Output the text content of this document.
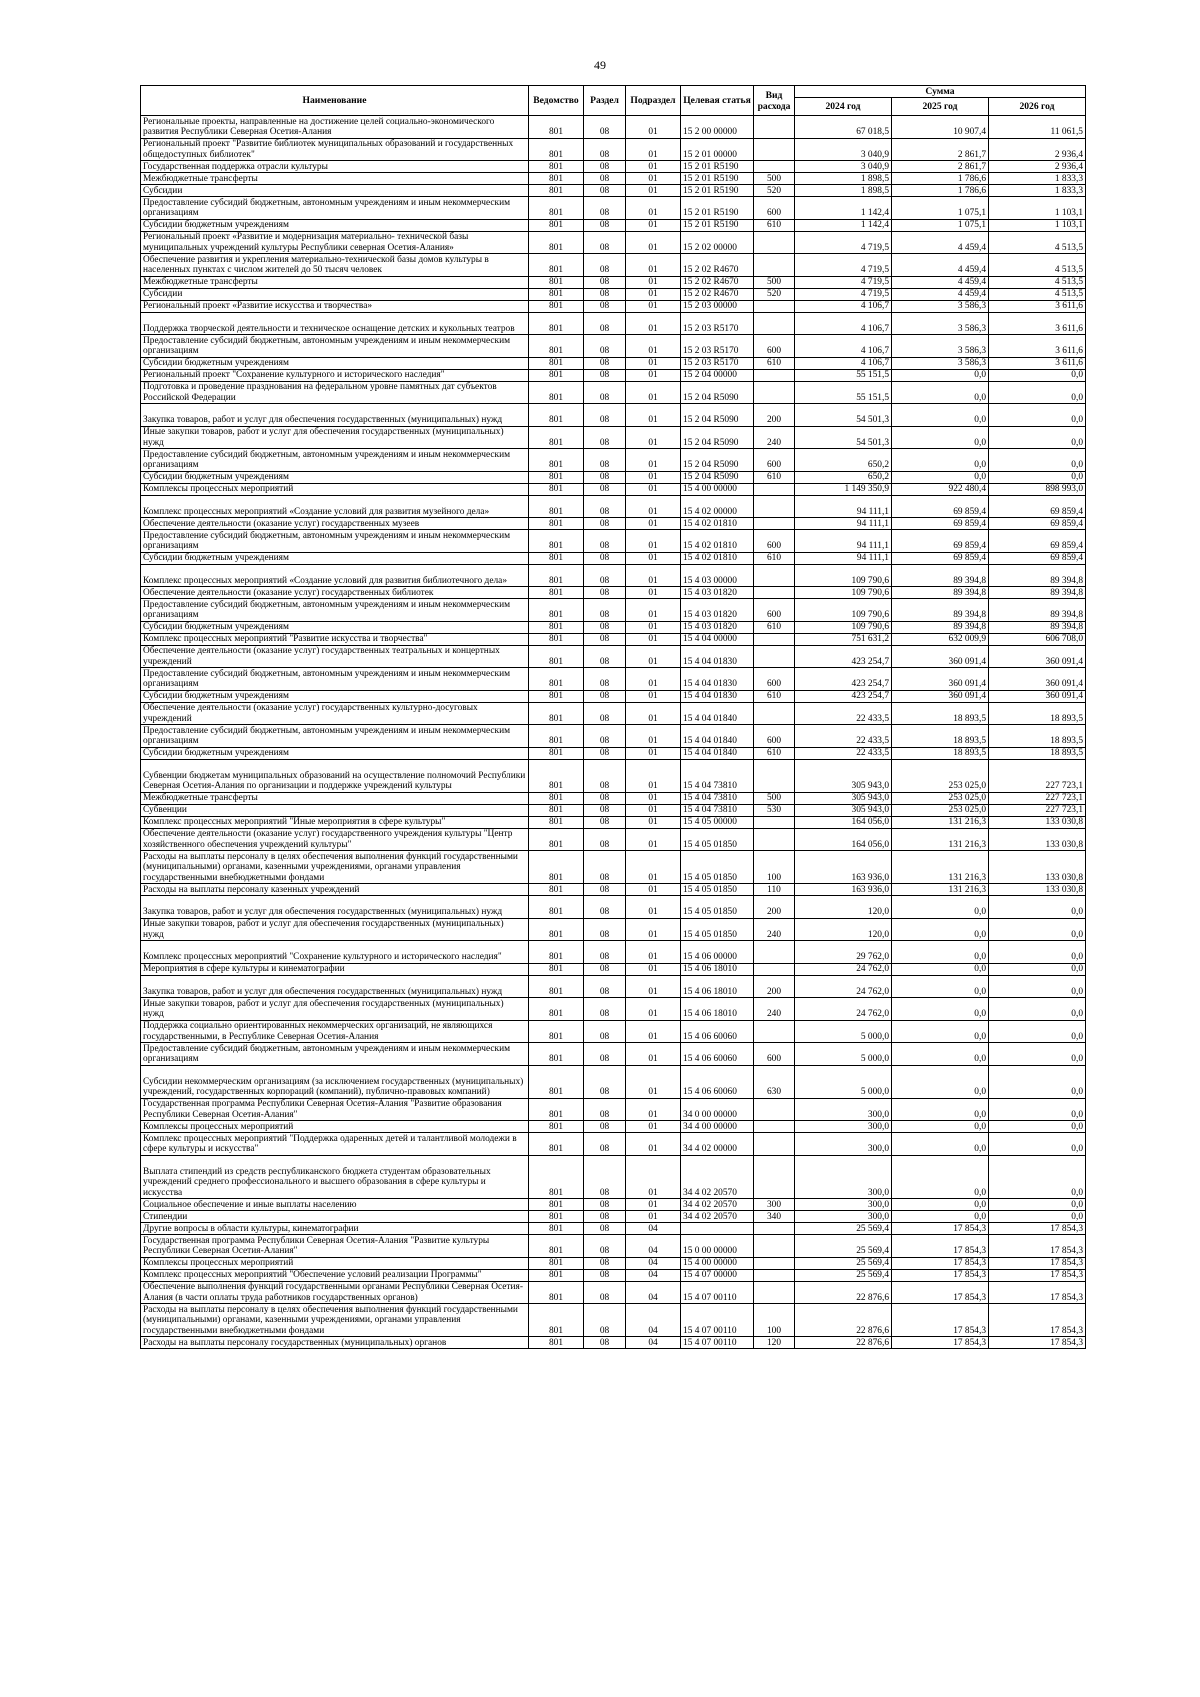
49
Наименование	Ведомство	Раздел	Подраздел	Целевая статья	Вид расхода	Сумма		
						2024 год	2025 год	2026 год
Региональные проекты, направленные на достижение целей социально-экономического развития Республики Северная Осетия-Алания	801	08	01	15 2 00 00000		67 018,5	10 907,4	11 061,5
Региональный проект "Развитие библиотек муниципальных образований и государственных общедоступных библиотек"	801	08	01	15 2 01 00000		3 040,9	2 861,7	2 936,4
Государственная поддержка отрасли культуры	801	08	01	15 2 01 R5190		3 040,9	2 861,7	2 936,4
Межбюджетные трансферты	801	08	01	15 2 01 R5190	500	1 898,5	1 786,6	1 833,3
Субсидии	801	08	01	15 2 01 R5190	520	1 898,5	1 786,6	1 833,3
Предоставление субсидий бюджетным, автономным учреждениям и иным некоммерческим организациям	801	08	01	15 2 01 R5190	600	1 142,4	1 075,1	1 103,1
Субсидии бюджетным учреждениям	801	08	01	15 2 01 R5190	610	1 142,4	1 075,1	1 103,1
Региональный проект «Развитие и модернизация материально- технической базы муниципальных учреждений культуры Республики северная Осетия-Алания»	801	08	01	15 2 02 00000		4 719,5	4 459,4	4 513,5
Обеспечение развития и укрепления материально-технической базы домов культуры в населенных пунктах с числом жителей до 50 тысяч человек	801	08	01	15 2 02 R4670		4 719,5	4 459,4	4 513,5
Межбюджетные трансферты	801	08	01	15 2 02 R4670	500	4 719,5	4 459,4	4 513,5
Субсидии	801	08	01	15 2 02 R4670	520	4 719,5	4 459,4	4 513,5
Региональный проект «Развитие искусства и творчества»	801	08	01	15 2 03 00000		4 106,7	3 586,3	3 611,6
Поддержка творческой деятельности и техническое оснащение детских и кукольных театров	801	08	01	15 2 03 R5170		4 106,7	3 586,3	3 611,6
Предоставление субсидий бюджетным, автономным учреждениям и иным некоммерческим организациям	801	08	01	15 2 03 R5170	600	4 106,7	3 586,3	3 611,6
Субсидии бюджетным учреждениям	801	08	01	15 2 03 R5170	610	4 106,7	3 586,3	3 611,6
Региональный проект "Сохранение культурного и исторического наследия"	801	08	01	15 2 04 00000		55 151,5	0,0	0,0
Подготовка и проведение празднования на федеральном уровне памятных дат субъектов Российской Федерации	801	08	01	15 2 04 R5090		55 151,5	0,0	0,0
Закупка товаров, работ и услуг для обеспечения государственных (муниципальных) нужд	801	08	01	15 2 04 R5090	200	54 501,3	0,0	0,0
Иные закупки товаров, работ и услуг для обеспечения государственных (муниципальных) нужд	801	08	01	15 2 04 R5090	240	54 501,3	0,0	0,0
Предоставление субсидий бюджетным, автономным учреждениям и иным некоммерческим организациям	801	08	01	15 2 04 R5090	600	650,2	0,0	0,0
Субсидии бюджетным учреждениям	801	08	01	15 2 04 R5090	610	650,2	0,0	0,0
Комплексы процессных мероприятий	801	08	01	15 4 00 00000		1 149 350,9	922 480,4	898 993,0
Комплекс процессных мероприятий «Создание условий для развития музейного дела»	801	08	01	15 4 02 00000		94 111,1	69 859,4	69 859,4
Обеспечение деятельности (оказание услуг) государственных музеев	801	08	01	15 4 02 01810		94 111,1	69 859,4	69 859,4
Предоставление субсидий бюджетным, автономным учреждениям и иным некоммерческим организациям	801	08	01	15 4 02 01810	600	94 111,1	69 859,4	69 859,4
Субсидии бюджетным учреждениям	801	08	01	15 4 02 01810	610	94 111,1	69 859,4	69 859,4
Комплекс процессных мероприятий «Создание условий для развития библиотечного дела»	801	08	01	15 4 03 00000		109 790,6	89 394,8	89 394,8
Обеспечение деятельности (оказание услуг) государственных библиотек	801	08	01	15 4 03 01820		109 790,6	89 394,8	89 394,8
Предоставление субсидий бюджетным, автономным учреждениям и иным некоммерческим организациям	801	08	01	15 4 03 01820	600	109 790,6	89 394,8	89 394,8
Субсидии бюджетным учреждениям	801	08	01	15 4 03 01820	610	109 790,6	89 394,8	89 394,8
Комплекс процессных мероприятий "Развитие искусства и творчества"	801	08	01	15 4 04 00000		751 631,2	632 009,9	606 708,0
Обеспечение деятельности (оказание услуг) государственных театральных и концертных учреждений	801	08	01	15 4 04 01830		423 254,7	360 091,4	360 091,4
Предоставление субсидий бюджетным, автономным учреждениям и иным некоммерческим организациям	801	08	01	15 4 04 01830	600	423 254,7	360 091,4	360 091,4
Субсидии бюджетным учреждениям	801	08	01	15 4 04 01830	610	423 254,7	360 091,4	360 091,4
Обеспечение деятельности (оказание услуг) государственных культурно-досуговых учреждений	801	08	01	15 4 04 01840		22 433,5	18 893,5	18 893,5
Предоставление субсидий бюджетным, автономным учреждениям и иным некоммерческим организациям	801	08	01	15 4 04 01840	600	22 433,5	18 893,5	18 893,5
Субсидии бюджетным учреждениям	801	08	01	15 4 04 01840	610	22 433,5	18 893,5	18 893,5
Субвенции бюджетам муниципальных образований на осуществление полномочий Республики Северная Осетия-Алания по организации и поддержке учреждений культуры	801	08	01	15 4 04 73810		305 943,0	253 025,0	227 723,1
Межбюджетные трансферты	801	08	01	15 4 04 73810	500	305 943,0	253 025,0	227 723,1
Субвенции	801	08	01	15 4 04 73810	530	305 943,0	253 025,0	227 723,1
Комплекс процессных мероприятий "Иные мероприятия в сфере культуры"	801	08	01	15 4 05 00000		164 056,0	131 216,3	133 030,8
Обеспечение деятельности (оказание услуг) государственного учреждения культуры "Центр хозяйственного обеспечения учреждений культуры"	801	08	01	15 4 05 01850		164 056,0	131 216,3	133 030,8
Расходы на выплаты персоналу в целях обеспечения выполнения функций государственными (муниципальными) органами, казенными учреждениями, органами управления государственными внебюджетными фондами	801	08	01	15 4 05 01850	100	163 936,0	131 216,3	133 030,8
Расходы на выплаты персоналу казенных учреждений	801	08	01	15 4 05 01850	110	163 936,0	131 216,3	133 030,8
Закупка товаров, работ и услуг для обеспечения государственных (муниципальных) нужд	801	08	01	15 4 05 01850	200	120,0	0,0	0,0
Иные закупки товаров, работ и услуг для обеспечения государственных (муниципальных) нужд	801	08	01	15 4 05 01850	240	120,0	0,0	0,0
Комплекс процессных мероприятий "Сохранение культурного и исторического наследия"	801	08	01	15 4 06 00000		29 762,0	0,0	0,0
Мероприятия в сфере культуры и кинематографии	801	08	01	15 4 06 18010		24 762,0	0,0	0,0
Закупка товаров, работ и услуг для обеспечения государственных (муниципальных) нужд	801	08	01	15 4 06 18010	200	24 762,0	0,0	0,0
Иные закупки товаров, работ и услуг для обеспечения государственных (муниципальных) нужд	801	08	01	15 4 06 18010	240	24 762,0	0,0	0,0
Поддержка социально ориентированных некоммерческих организаций, не являющихся государственными, в Республике Северная Осетия-Алания	801	08	01	15 4 06 60060		5 000,0	0,0	0,0
Предоставление субсидий бюджетным, автономным учреждениям и иным некоммерческим организациям	801	08	01	15 4 06 60060	600	5 000,0	0,0	0,0
Субсидии некоммерческим организациям (за исключением государственных (муниципальных) учреждений, государственных корпораций (компаний), публично-правовых компаний)	801	08	01	15 4 06 60060	630	5 000,0	0,0	0,0
Государственная программа Республики Северная Осетия-Алания "Развитие образования Республики Северная Осетия-Алания"	801	08	01	34 0 00 00000		300,0	0,0	0,0
Комплексы процессных мероприятий	801	08	01	34 4 00 00000		300,0	0,0	0,0
Комплекс процессных мероприятий "Поддержка одаренных детей и талантливой молодежи в сфере культуры и искусства"	801	08	01	34 4 02 00000		300,0	0,0	0,0
Выплата стипендий из средств республиканского бюджета студентам образовательных учреждений среднего профессионального и высшего образования в сфере культуры и искусства	801	08	01	34 4 02 20570		300,0	0,0	0,0
Социальное обеспечение и иные выплаты населению	801	08	01	34 4 02 20570	300	300,0	0,0	0,0
Стипендии	801	08	01	34 4 02 20570	340	300,0	0,0	0,0
Другие вопросы в области культуры, кинематографии	801	08	04			25 569,4	17 854,3	17 854,3
Государственная программа Республики Северная Осетия-Алания "Развитие культуры Республики Северная Осетия-Алания"	801	08	04	15 0 00 00000		25 569,4	17 854,3	17 854,3
Комплексы процессных мероприятий	801	08	04	15 4 00 00000		25 569,4	17 854,3	17 854,3
Комплекс процессных мероприятий "Обеспечение условий реализации Программы"	801	08	04	15 4 07 00000		25 569,4	17 854,3	17 854,3
Обеспечение выполнения функций государственными органами Республики Северная Осетия-Алания (в части оплаты труда работников государственных органов)	801	08	04	15 4 07 00110		22 876,6	17 854,3	17 854,3
Расходы на выплаты персоналу в целях обеспечения выполнения функций государственными (муниципальными) органами, казенными учреждениями, органами управления государственными внебюджетными фондами	801	08	04	15 4 07 00110	100	22 876,6	17 854,3	17 854,3
Расходы на выплаты персоналу государственных (муниципальных) органов	801	08	04	15 4 07 00110	120	22 876,6	17 854,3	17 854,3
